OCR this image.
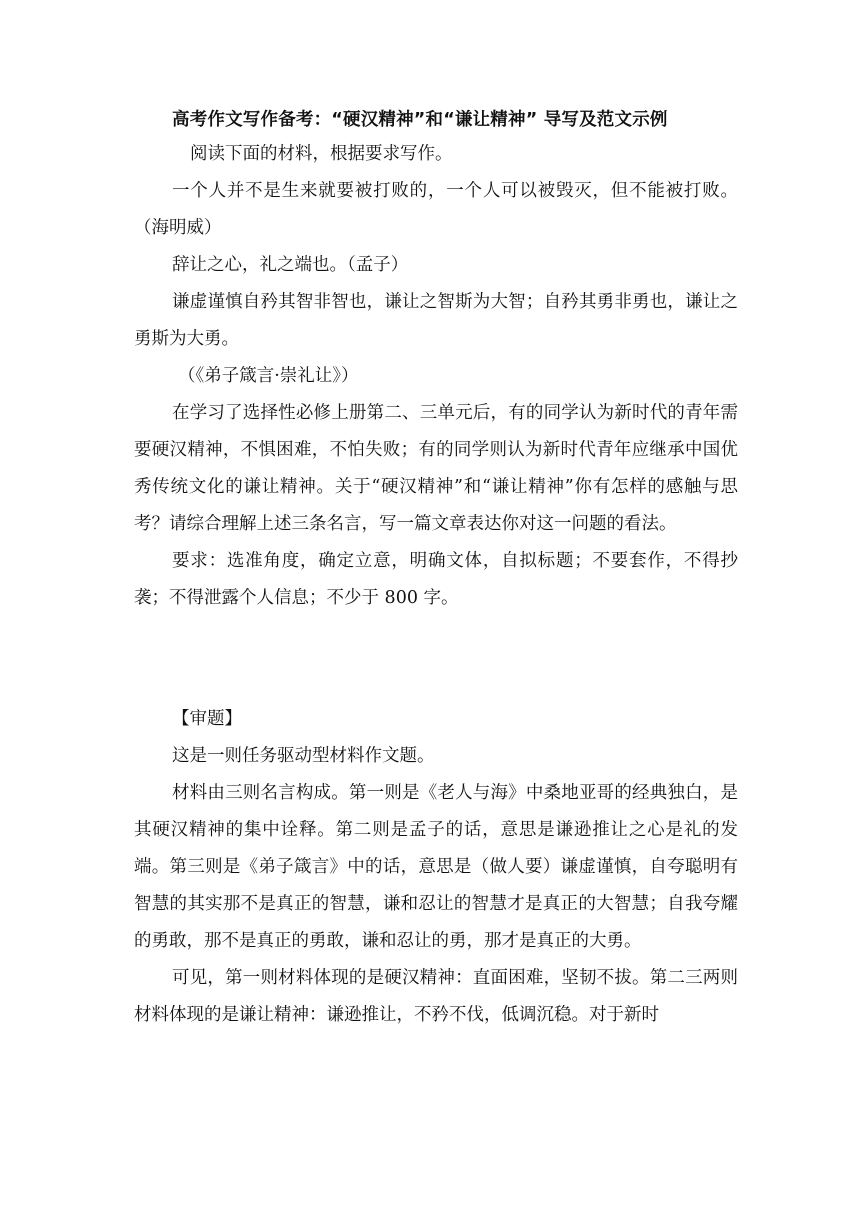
高考作文写作备考：“硬汉精神”和“谦让精神” 导写及范文示例

阅读下面的材料，根据要求写作。

一个人并不是生来就要被打败的，一个人可以被毁灭，但不能被打败。（海明威）

辞让之心，礼之端也。（孟子）

谦虚谨慎自矜其智非智也，谦让之智斯为大智；自矜其勇非勇也，谦让之勇斯为大勇。

（《弟子箴言·崇礼让》）

在学习了选择性必修上册第二、三单元后，有的同学认为新时代的青年需要硬汉精神，不惧困难，不怕失败；有的同学则认为新时代青年应继承中国优秀传统文化的谦让精神。关于“硬汉精神”和“谦让精神”你有怎样的感触与思考？请综合理解上述三条名言，写一篇文章表达你对这一问题的看法。

要求：选准角度，确定立意，明确文体，自拟标题；不要套作，不得抄袭；不得泄露个人信息；不少于 800 字。

【审题】

这是一则任务驱动型材料作文题。

材料由三则名言构成。第一则是《老人与海》中桑地亚哥的经典独白，是其硬汉精神的集中诠释。第二则是孟子的话，意思是谦逊推让之心是礼的发端。第三则是《弟子箴言》中的话，意思是（做人要）谦虚谨慎，自夸聪明有智慧的其实那不是真正的智慧，谦和忍让的智慧才是真正的大智慧；自我夸耀的勇敢，那不是真正的勇敢，谦和忍让的勇，那才是真正的大勇。

可见，第一则材料体现的是硬汉精神：直面困难，坚韧不拔。第二三两则材料体现的是谦让精神：谦逊推让，不矜不伐，低调沉稳。对于新时
